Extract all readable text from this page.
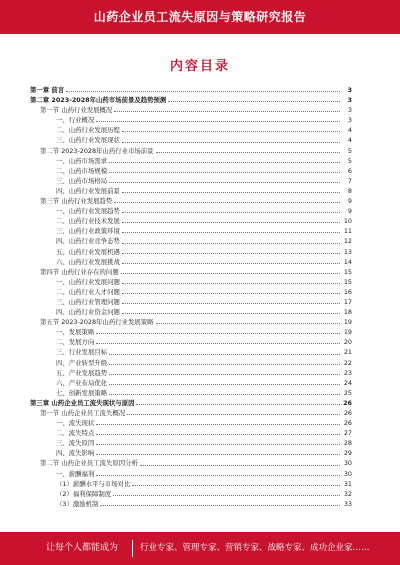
山药企业员工流失原因与策略研究报告
内容目录
第一章 前言	3
第二章 2023-2028年山药市场前景及趋势预测	3
第一节 山药行业发展概况	3
一、行业概况	3
二、山药行业发展历程	4
三、山药行业发展现状	4
第二节 2023-2028年山药行业市场前景	5
一、山药市场需求	5
二、山药市场规模	6
三、山药市场格局	7
四、山药行业发展前景	8
第三节 山药行业发展趋势	9
一、山药行业发展趋势	9
二、山药行业技术发展	10
三、山药行业政策环境	11
四、山药行业竞争态势	12
五、山药行业发展机遇	13
六、山药行业发展挑战	14
第四节 山药行业存在的问题	15
一、山药行业发展问题	15
二、山药行业人才问题	16
三、山药行业管理问题	17
四、山药行业资金问题	18
第五节 2023-2028年山药行业发展策略	19
一、发展策略	19
二、发展方向	20
三、行业发展目标	21
四、产业转型升级	22
五、产业发展趋势	23
六、产业布局优化	24
七、创新发展策略	25
第三章 山药企业员工流失现状与原因	26
第一节 山药企业员工流失概况	26
一、流失现状	26
二、流失特点	27
三、流失原因	28
四、流失影响	29
第二节 山药企业员工流失原因分析	30
一、薪酬福利	30
（1）薪酬水平与市场对比	31
（2）福利保障制度	32
（3）激励机制	33
让每个人都能成为	行业专家、管理专家、营销专家、战略专家、成功企业家……
